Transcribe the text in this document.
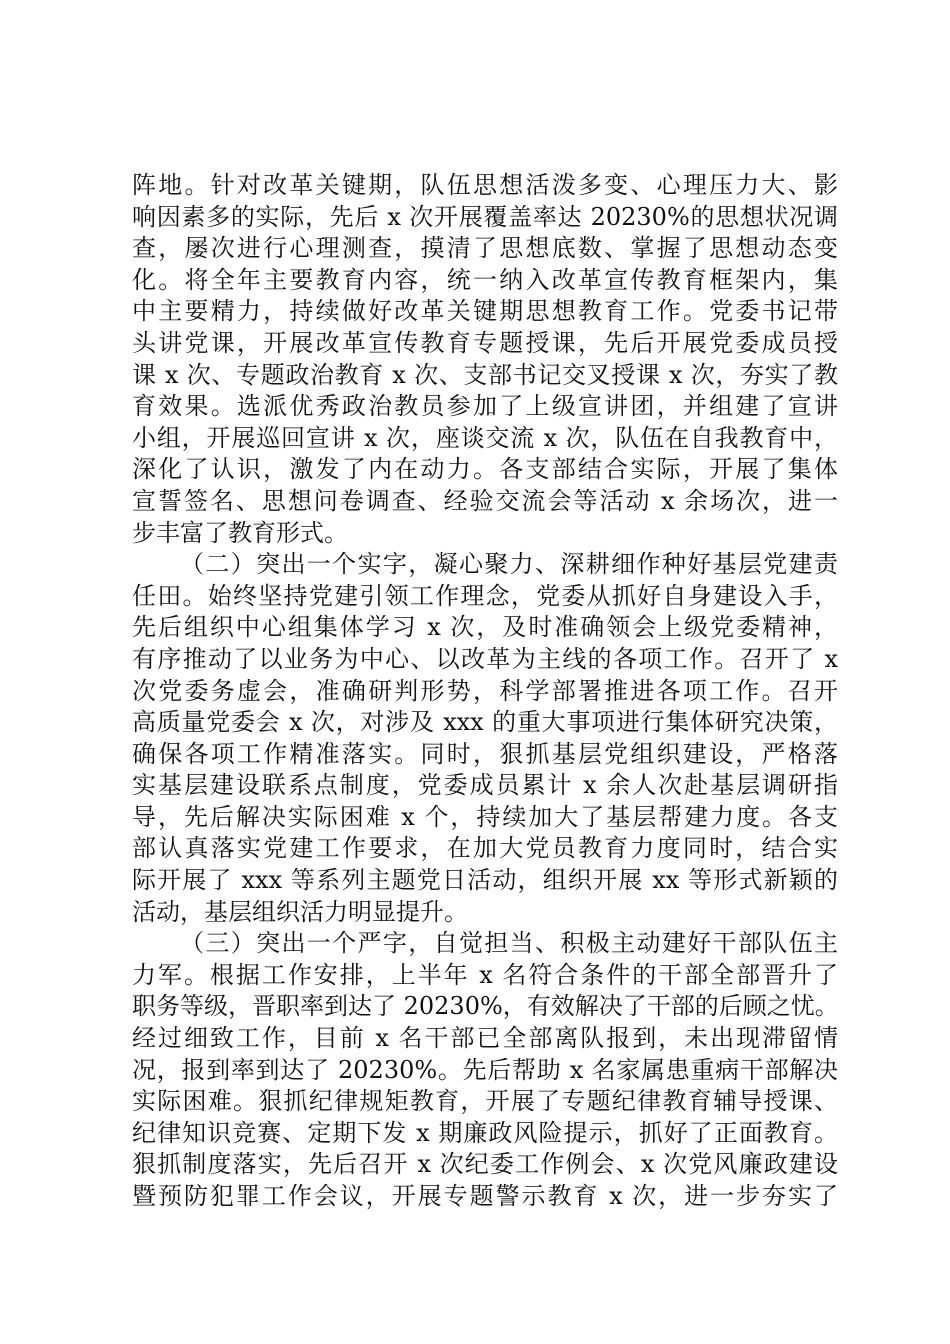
阵地。针对改革关键期，队伍思想活泼多变、心理压力大、影
响因素多的实际，先后 x 次开展覆盖率达 20230%的思想状况调
查，屡次进行心理测查，摸清了思想底数、掌握了思想动态变
化。将全年主要教育内容，统一纳入改革宣传教育框架内，集
中主要精力，持续做好改革关键期思想教育工作。党委书记带
头讲党课，开展改革宣传教育专题授课，先后开展党委成员授
课 x 次、专题政治教育 x 次、支部书记交叉授课 x 次，夯实了教
育效果。选派优秀政治教员参加了上级宣讲团，并组建了宣讲
小组，开展巡回宣讲 x 次，座谈交流 x 次，队伍在自我教育中，
深化了认识，激发了内在动力。各支部结合实际，开展了集体
宣誓签名、思想问卷调查、经验交流会等活动 x 余场次，进一
步丰富了教育形式。
（二）突出一个实字，凝心聚力、深耕细作种好基层党建责
任田。始终坚持党建引领工作理念，党委从抓好自身建设入手，
先后组织中心组集体学习 x 次，及时准确领会上级党委精神，
有序推动了以业务为中心、以改革为主线的各项工作。召开了 x
次党委务虚会，准确研判形势，科学部署推进各项工作。召开
高质量党委会 x 次，对涉及 xxx 的重大事项进行集体研究决策，
确保各项工作精准落实。同时，狠抓基层党组织建设，严格落
实基层建设联系点制度，党委成员累计 x 余人次赴基层调研指
导，先后解决实际困难 x 个，持续加大了基层帮建力度。各支
部认真落实党建工作要求，在加大党员教育力度同时，结合实
际开展了 xxx 等系列主题党日活动，组织开展 xx 等形式新颖的
活动，基层组织活力明显提升。
（三）突出一个严字，自觉担当、积极主动建好干部队伍主
力军。根据工作安排，上半年 x 名符合条件的干部全部晋升了
职务等级，晋职率到达了 20230%，有效解决了干部的后顾之忧。
经过细致工作，目前 x 名干部已全部离队报到，未出现滞留情
况，报到率到达了 20230%。先后帮助 x 名家属患重病干部解决
实际困难。狠抓纪律规矩教育，开展了专题纪律教育辅导授课、
纪律知识竞赛、定期下发 x 期廉政风险提示，抓好了正面教育。
狠抓制度落实，先后召开 x 次纪委工作例会、x 次党风廉政建设
暨预防犯罪工作会议，开展专题警示教育 x 次，进一步夯实了
